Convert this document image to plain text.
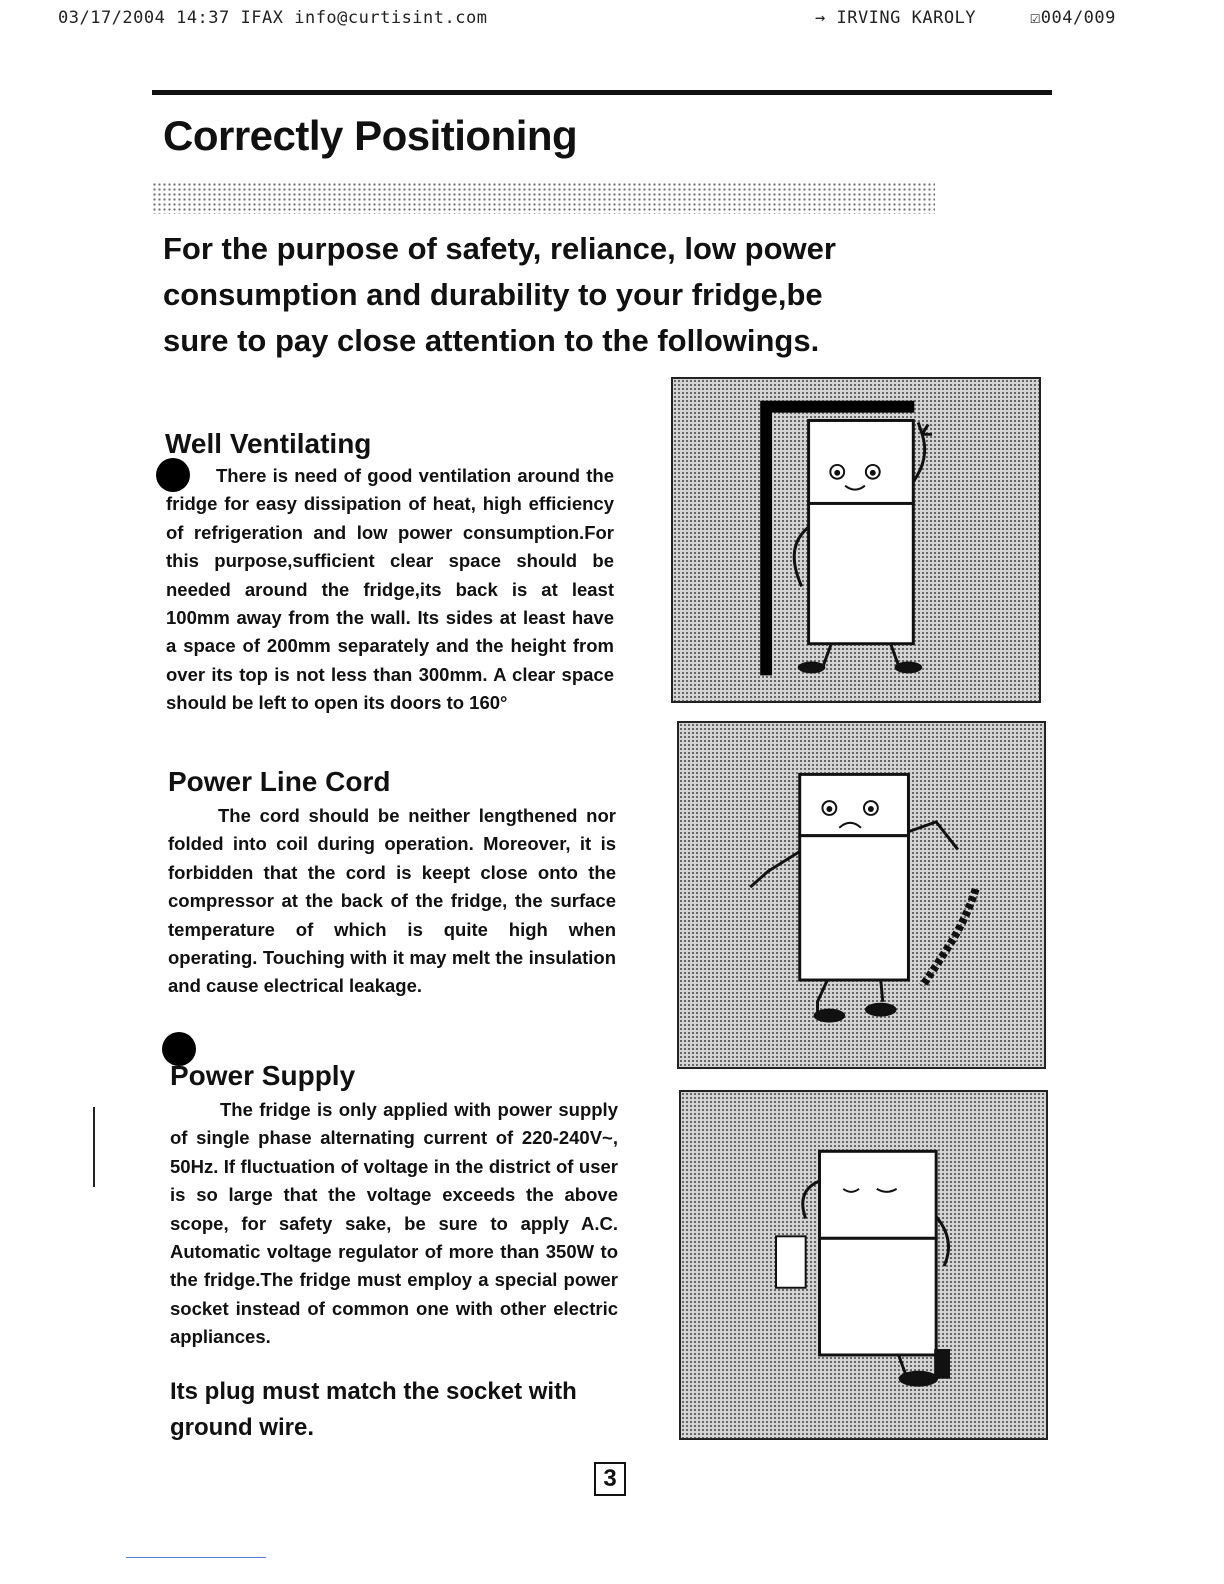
03/17/2004 14:37 IFAX info@curtisint.com	→ IRVING KAROLY	☑004/009
Correctly Positioning

For the purpose of safety, reliance, low power consumption and durability to your fridge,be sure to pay close attention to the followings.

Well Ventilating

There is need of good ventilation around the fridge for easy dissipation of heat, high efficiency of refrigeration and low power consumption.For this purpose,sufficient clear space should be needed around the fridge,its back is at least 100mm away from the wall. Its sides at least have a space of 200mm separately and the height from over its top is not less than 300mm. A clear space should be left to open its doors to 160°

Power Line Cord

The cord should be neither lengthened nor folded into coil during operation. Moreover, it is forbidden that the cord is keept close onto the compressor at the back of the fridge, the surface temperature of which is quite high when operating. Touching with it may melt the insulation and cause electrical leakage.

Power Supply

The fridge is only applied with power supply of single phase alternating current of 220-240V~, 50Hz. If fluctuation of voltage in the district of user is so large that the voltage exceeds the above scope, for safety sake, be sure to apply A.C. Automatic voltage regulator of more than 350W to the fridge.The fridge must employ a special power socket instead of common one with other electric appliances.

Its plug must match the socket with ground wire.

3
